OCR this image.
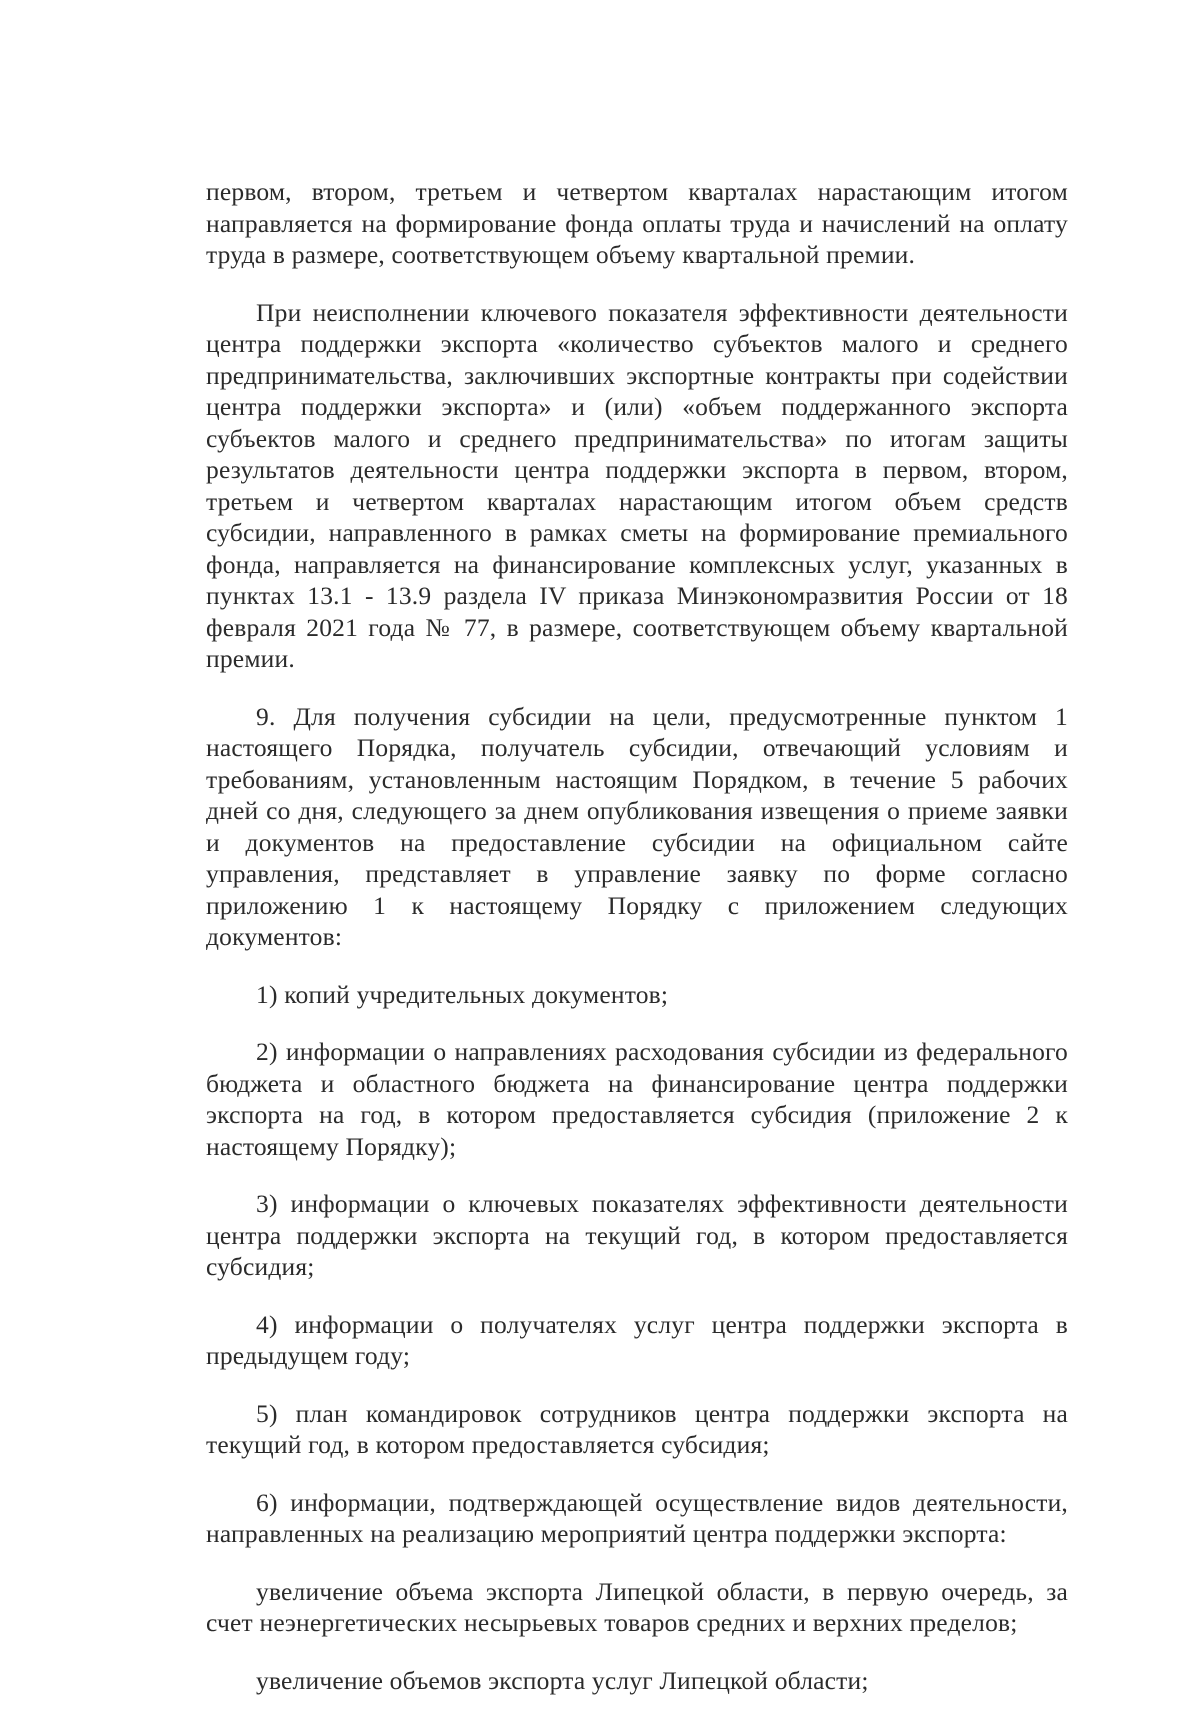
первом, втором, третьем и четвертом кварталах нарастающим итогом направляется на формирование фонда оплаты труда и начислений на оплату труда в размере, соответствующем объему квартальной премии.

При неисполнении ключевого показателя эффективности деятельности центра поддержки экспорта «количество субъектов малого и среднего предпринимательства, заключивших экспортные контракты при содействии центра поддержки экспорта» и (или) «объем поддержанного экспорта субъектов малого и среднего предпринимательства» по итогам защиты результатов деятельности центра поддержки экспорта в первом, втором, третьем и четвертом кварталах нарастающим итогом объем средств субсидии, направленного в рамках сметы на формирование премиального фонда, направляется на финансирование комплексных услуг, указанных в пунктах 13.1 - 13.9 раздела IV приказа Минэкономразвития России от 18 февраля 2021 года № 77, в размере, соответствующем объему квартальной премии.

9. Для получения субсидии на цели, предусмотренные пунктом 1 настоящего Порядка, получатель субсидии, отвечающий условиям и требованиям, установленным настоящим Порядком, в течение 5 рабочих дней со дня, следующего за днем опубликования извещения о приеме заявки и документов на предоставление субсидии на официальном сайте управления, представляет в управление заявку по форме согласно приложению 1 к настоящему Порядку с приложением следующих документов:

1) копий учредительных документов;

2) информации о направлениях расходования субсидии из федерального бюджета и областного бюджета на финансирование центра поддержки экспорта на год, в котором предоставляется субсидия (приложение 2 к настоящему Порядку);

3) информации о ключевых показателях эффективности деятельности центра поддержки экспорта на текущий год, в котором предоставляется субсидия;

4) информации о получателях услуг центра поддержки экспорта в предыдущем году;

5) план командировок сотрудников центра поддержки экспорта на текущий год, в котором предоставляется субсидия;

6) информации, подтверждающей осуществление видов деятельности, направленных на реализацию мероприятий центра поддержки экспорта:

увеличение объема экспорта Липецкой области, в первую очередь, за счет неэнергетических несырьевых товаров средних и верхних пределов;

увеличение объемов экспорта услуг Липецкой области;
